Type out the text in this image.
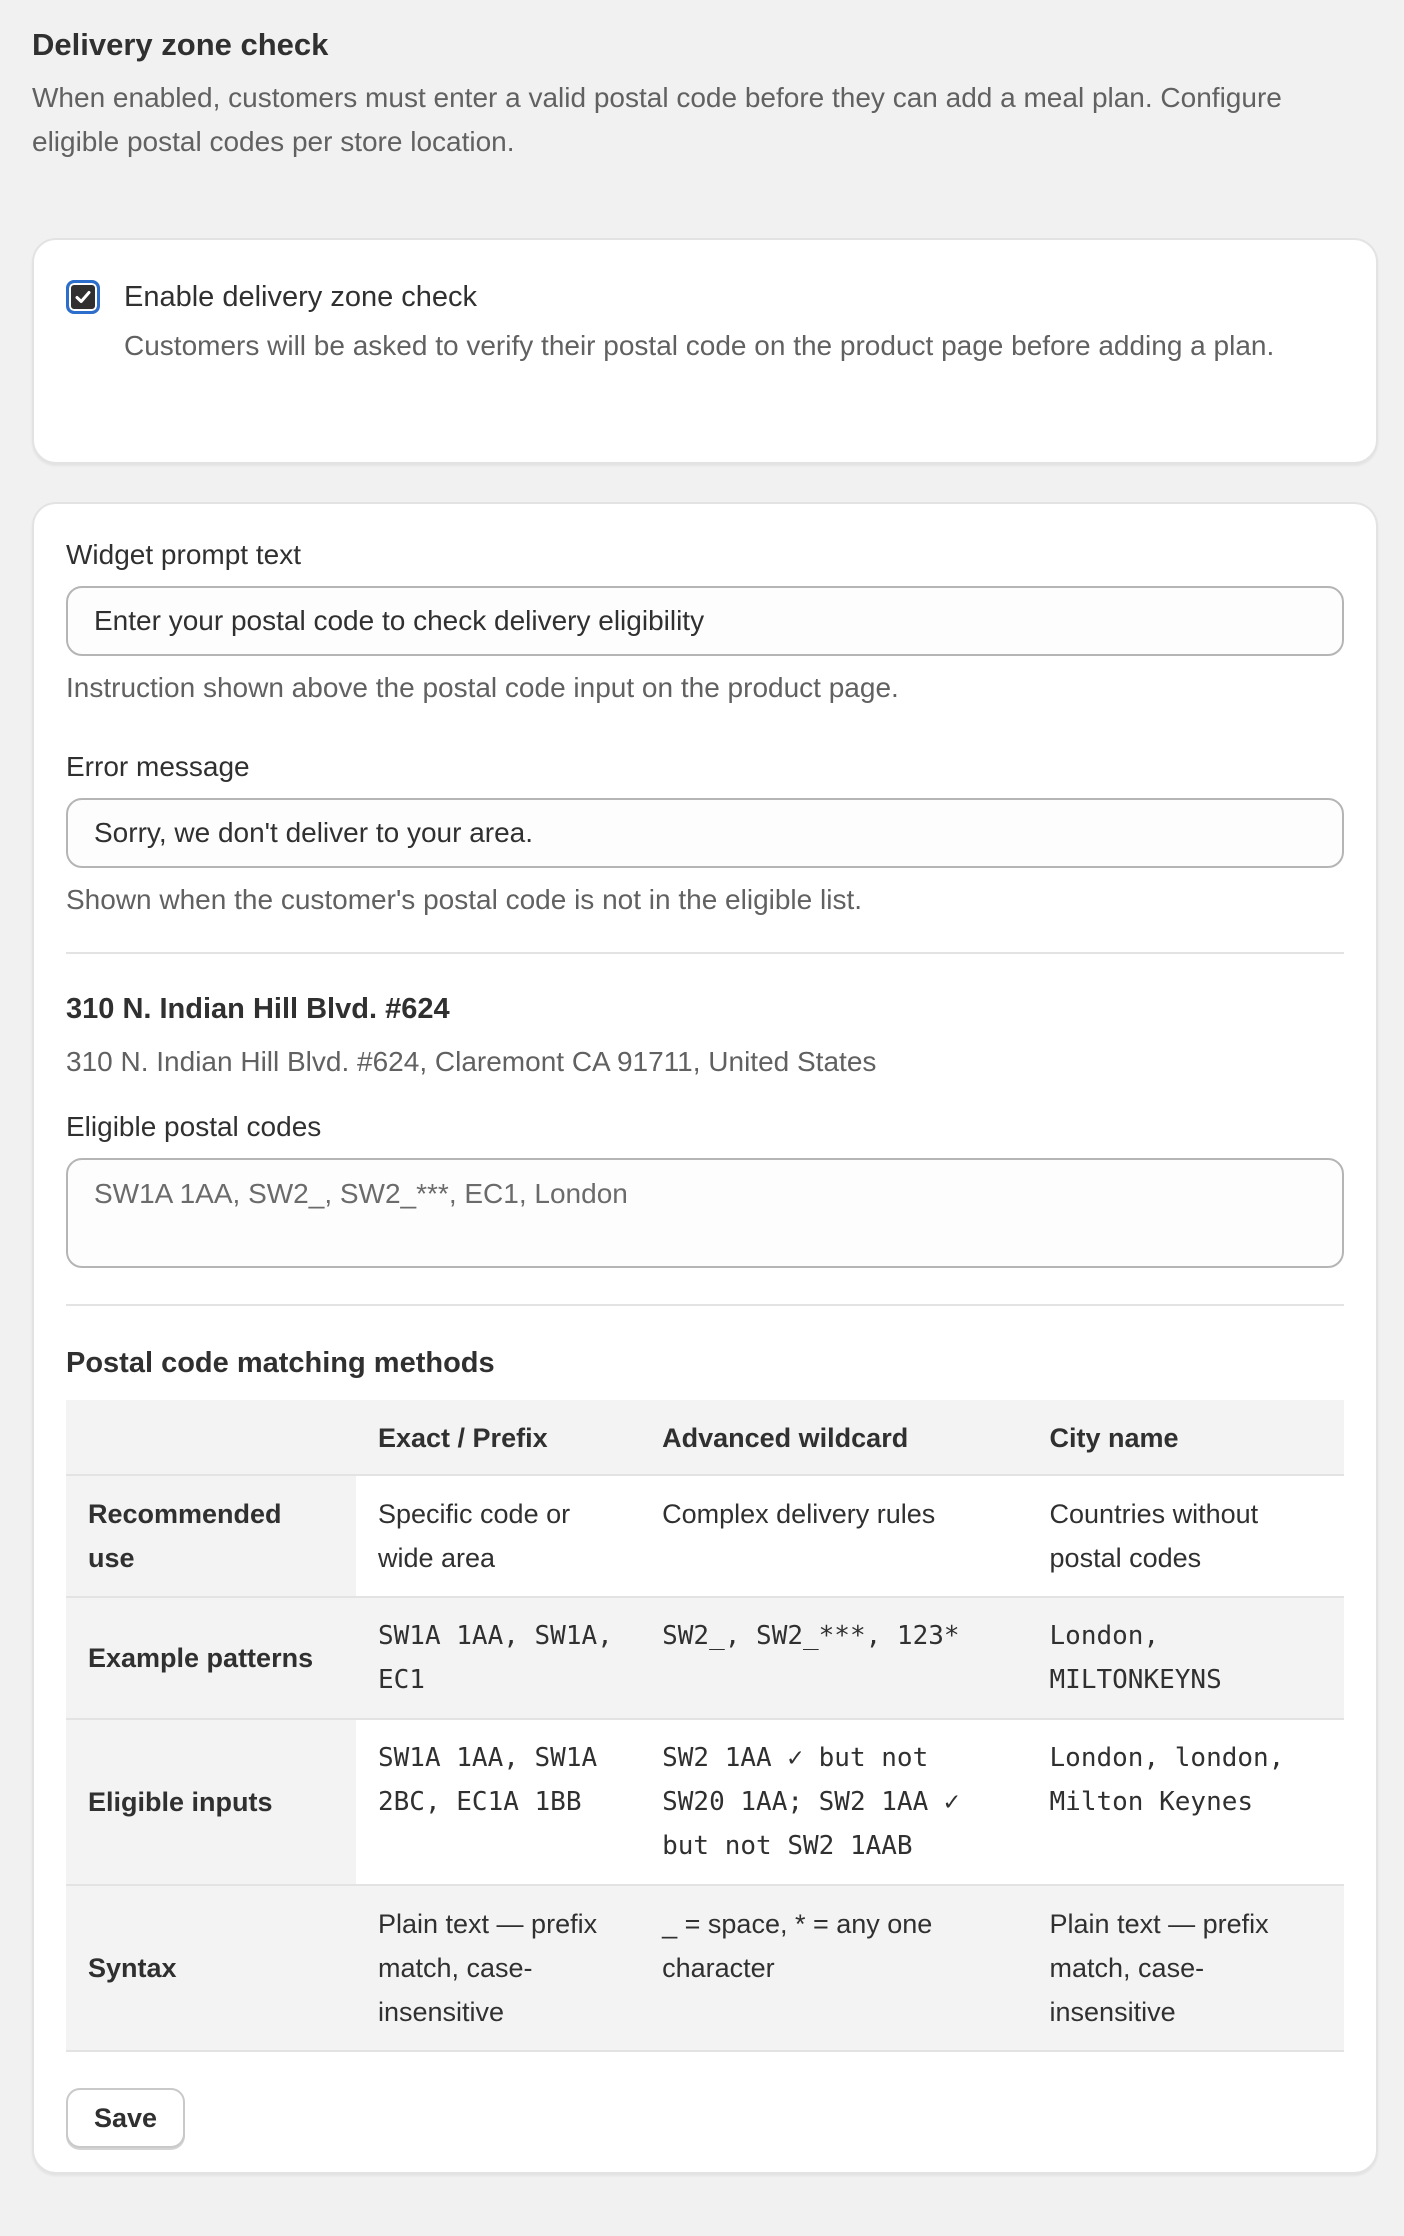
Delivery zone check
When enabled, customers must enter a valid postal code before they can add a meal plan. Configure eligible postal codes per store location.
Enable delivery zone check
Customers will be asked to verify their postal code on the product page before adding a plan.
Widget prompt text
Enter your postal code to check delivery eligibility
Instruction shown above the postal code input on the product page.
Error message
Sorry, we don't deliver to your area.
Shown when the customer's postal code is not in the eligible list.
310 N. Indian Hill Blvd. #624
310 N. Indian Hill Blvd. #624, Claremont CA 91711, United States
Eligible postal codes
SW1A 1AA, SW2_, SW2_***, EC1, London
Postal code matching methods
	Exact / Prefix	Advanced wildcard	City name
Recommended use	Specific code or wide area	Complex delivery rules	Countries without postal codes
Example patterns	SW1A 1AA, SW1A, EC1	SW2_, SW2_***, 123*	London, MILTONKEYNS
Eligible inputs	SW1A 1AA, SW1A 2BC, EC1A 1BB	SW2 1AA ✓ but not SW20 1AA; SW2 1AA ✓ but not SW2 1AAB	London, london, Milton Keynes
Syntax	Plain text — prefix match, case-insensitive	_ = space, * = any one character	Plain text — prefix match, case-insensitive
Save
